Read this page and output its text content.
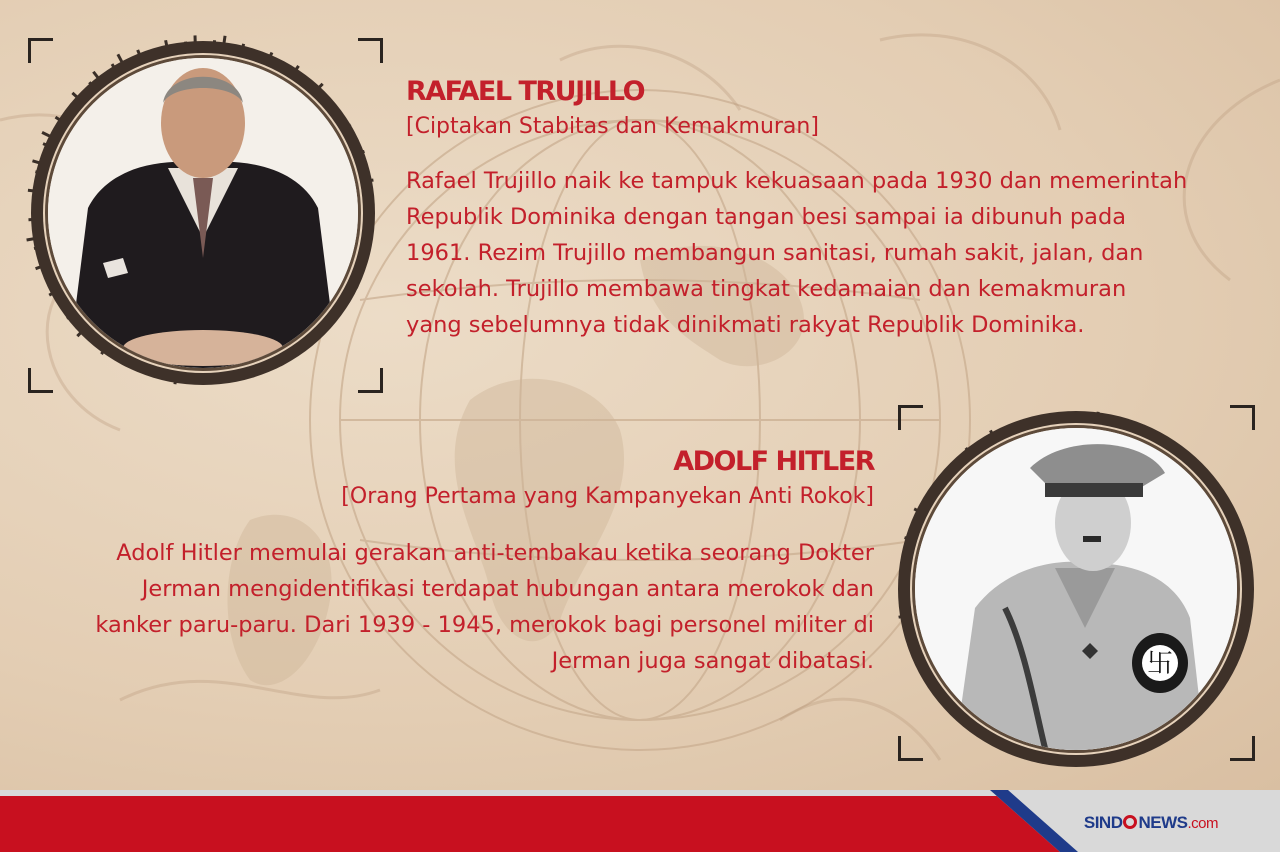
RAFAEL TRUJILLO

[Ciptakan Stabitas dan Kemakmuran]

Rafael Trujillo naik ke tampuk kekuasaan pada 1930 dan memerintah
Republik Dominika dengan tangan besi sampai ia dibunuh pada
1961. Rezim Trujillo membangun sanitasi, rumah sakit, jalan, dan
sekolah. Trujillo membawa tingkat kedamaian dan kemakmuran
yang sebelumnya tidak dinikmati rakyat Republik Dominika.
卐
ADOLF HITLER

[Orang Pertama yang Kampanyekan Anti Rokok]

Adolf Hitler memulai gerakan anti-tembakau ketika seorang Dokter
Jerman mengidentifikasi terdapat hubungan antara merokok dan
kanker paru-paru. Dari 1939 - 1945, merokok bagi personel militer di
Jerman juga sangat dibatasi.
SIND NEWS.com
